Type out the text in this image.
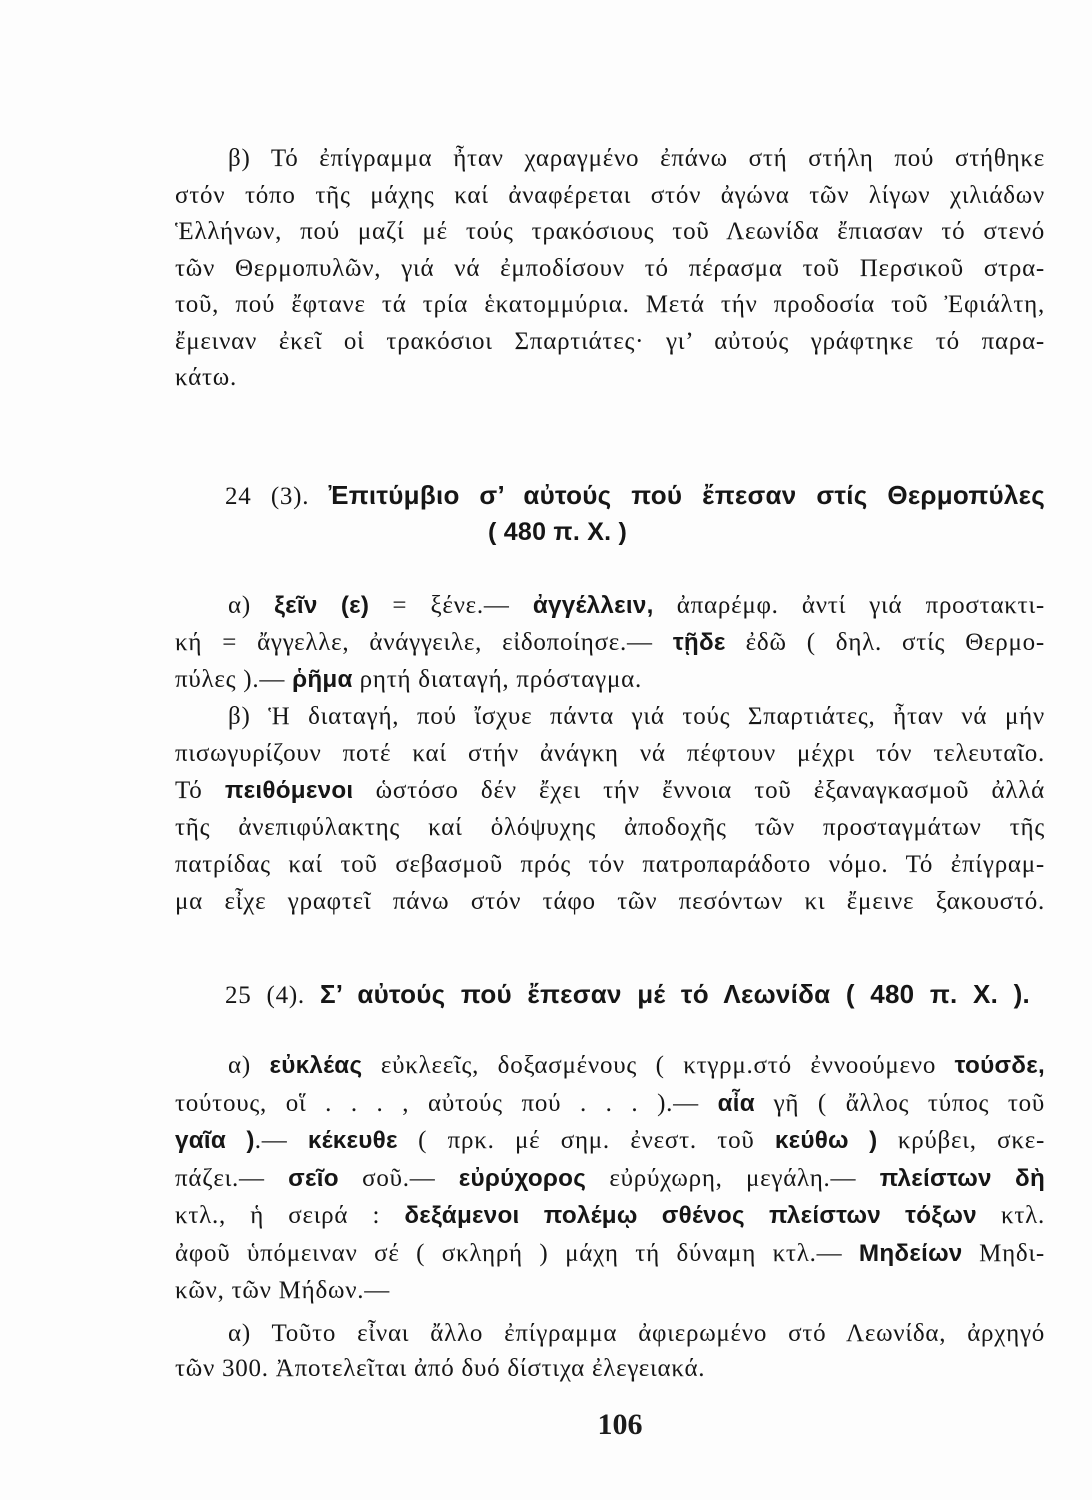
β) Τό ἐπίγραμμα ἦταν χαραγμένο ἐπάνω στή στήλη πού στήθηκε
στόν τόπο τῆς μάχης καί ἀναφέρεται στόν ἀγώνα τῶν λίγων χιλιάδων
Ἑλλήνων, πού μαζί μέ τούς τρακόσιους τοῦ Λεωνίδα ἔπιασαν τό στενό
τῶν Θερμοπυλῶν, γιά νά ἐμποδίσουν τό πέρασμα τοῦ Περσικοῦ στρα-
τοῦ, πού ἔφτανε τά τρία ἑκατομμύρια. Μετά τήν προδοσία τοῦ Ἐφιάλτη,
ἔμειναν ἐκεῖ οἱ τρακόσιοι Σπαρτιάτες· γι’ αὐτούς γράφτηκε τό παρα-
κάτω.
24 (3). Ἐπιτύμβιο σ’ αὐτούς πού ἔπεσαν στίς Θερμοπύλες
( 480 π. Χ. )
α) ξεῖν (ε) = ξένε.— ἀγγέλλειν, ἀπαρέμφ. ἀντί γιά προστακτι-
κή = ἄγγελλε, ἀνάγγειλε, εἰδοποίησε.— τῇδε ἐδῶ ( δηλ. στίς Θερμο-
πύλες ).— ῥῆμα ρητή διαταγή, πρόσταγμα.
β) Ἡ διαταγή, πού ἴσχυε πάντα γιά τούς Σπαρτιάτες, ἦταν νά μήν
πισωγυρίζουν ποτέ καί στήν ἀνάγκη νά πέφτουν μέχρι τόν τελευταῖο.
Τό πειθόμενοι ὡστόσο δέν ἔχει τήν ἔννοια τοῦ ἐξαναγκασμοῦ ἀλλά
τῆς ἀνεπιφύλακτης καί ὁλόψυχης ἀποδοχῆς τῶν προσταγμάτων τῆς
πατρίδας καί τοῦ σεβασμοῦ πρός τόν πατροπαράδοτο νόμο. Τό ἐπίγραμ-
μα εἶχε γραφτεῖ πάνω στόν τάφο τῶν πεσόντων κι ἔμεινε ξακουστό.
25 (4). Σ’ αὐτούς πού ἔπεσαν μέ τό Λεωνίδα ( 480 π. Χ. ).
α) εὐκλέας εὐκλεεῖς, δοξασμένους ( κτγρμ.στό ἐννοούμενο τούσδε,
τούτους, οἵ . . . , αὐτούς πού . . . ).— αἶα γῆ ( ἄλλος τύπος τοῦ
γαῖα ).— κέκευθε ( πρκ. μέ σημ. ἐνεστ. τοῦ κεύθω ) κρύβει, σκε-
πάζει.— σεῖο σοῦ.— εὐρύχορος εὐρύχωρη, μεγάλη.— πλείστων δὴ
κτλ., ἡ σειρά : δεξάμενοι πολέμῳ σθένος πλείστων τόξων κτλ.
ἀφοῦ ὑπόμειναν σέ ( σκληρή ) μάχη τή δύναμη κτλ.— Μηδείων Μηδι-
κῶν, τῶν Μήδων.—
α) Τοῦτο εἶναι ἄλλο ἐπίγραμμα ἀφιερωμένο στό Λεωνίδα, ἀρχηγό
τῶν 300. Ἀποτελεῖται ἀπό δυό δίστιχα ἐλεγειακά.
106
